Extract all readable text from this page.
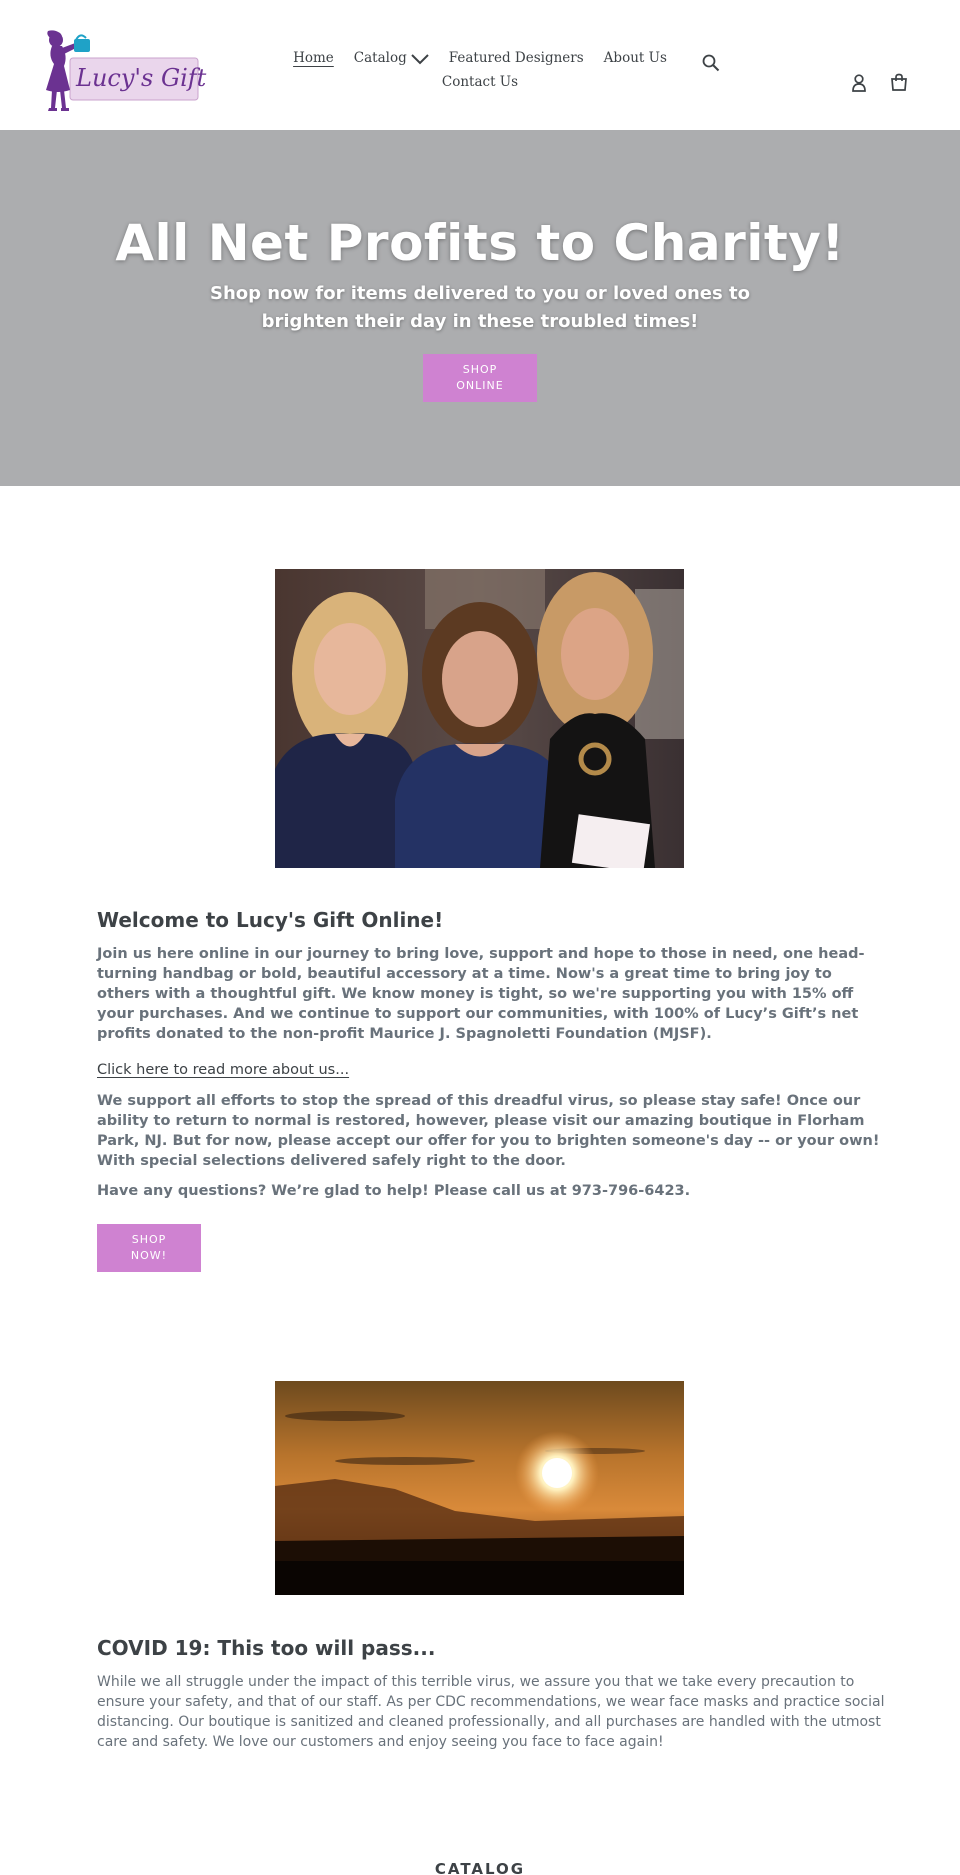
Lucy's Gift
Home Catalog	Featured Designers About Us
Contact Us
All Net Profits to Charity!

Shop now for items delivered to you or loved ones to brighten their day in these troubled times!

SHOP ONLINE
Welcome to Lucy's Gift Online!

Join us here online in our journey to bring love, support and hope to those in need, one head-turning handbag or bold, beautiful accessory at a time. Now's a great time to bring joy to others with a thoughtful gift. We know money is tight, so we're supporting you with 15% off your purchases. And we continue to support our communities, with 100% of Lucy’s Gift’s net profits donated to the non-profit Maurice J. Spagnoletti Foundation (MJSF).

Click here to read more about us...

We support all efforts to stop the spread of this dreadful virus, so please stay safe! Once our ability to return to normal is restored, however, please visit our amazing boutique in Florham Park, NJ. But for now, please accept our offer for you to brighten someone's day -- or your own! With special selections delivered safely right to the door.

Have any questions? We’re glad to help! Please call us at 973-796-6423.

SHOP NOW!
COVID 19: This too will pass...

While we all struggle under the impact of this terrible virus, we assure you that we take every precaution to ensure your safety, and that of our staff. As per CDC recommendations, we wear face masks and practice social distancing. Our boutique is sanitized and cleaned professionally, and all purchases are handled with the utmost care and safety. We love our customers and enjoy seeing you face to face again!

CATALOG
